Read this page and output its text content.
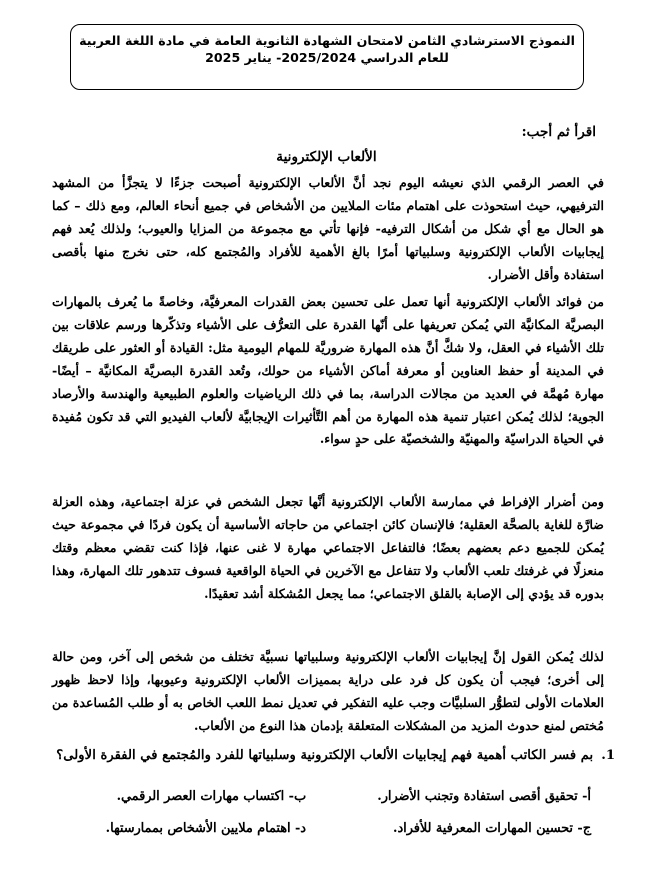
النموذج الاسترشادي الثامن لامتحان الشهادة الثانوية العامة في مادة اللغة العربية
للعام الدراسي 2025/2024- يناير 2025
اقرأ ثم أجب:
الألعاب الإلكترونية

في العصر الرقمي الذي نعيشه اليوم نجد أنَّ الألعاب الإلكترونية أصبحت جزءًا لا يتجزَّأ من المشهد الترفيهي، حيث استحوذت على اهتمام مئات الملايين من الأشخاص في جميع أنحاء العالم، ومع ذلك – كما هو الحال مع أي شكل من أشكال الترفيه- فإنها تأتي مع مجموعة من المزايا والعيوب؛ ولذلك يُعد فهم إيجابيات الألعاب الإلكترونية وسلبياتها أمرًا بالغ الأهمية للأفراد والمُجتمع كله، حتى نخرج منها بأقصى استفادة وأقل الأضرار.

من فوائد الألعاب الإلكترونية أنها تعمل على تحسين بعض القدرات المعرفيَّة، وخاصةً ما يُعرف بالمهارات البصريَّة المكانيَّة التي يُمكن تعريفها على أنّها القدرة على التعرُّف على الأشياء وتذكّرها ورسم علاقات بين تلك الأشياء في العقل، ولا شكَّ أنَّ هذه المهارة ضروريَّة للمهام اليومية مثل: القيادة أو العثور على طريقك في المدينة أو حفظ العناوين أو معرفة أماكن الأشياء من حولك، وتُعد القدرة البصريَّة المكانيَّة – أيضًا- مهارة مُهمَّة في العديد من مجالات الدراسة، بما في ذلك الرياضيات والعلوم الطبيعية والهندسة والأرصاد الجوية؛ لذلك يُمكن اعتبار تنمية هذه المهارة من أهم التَّأثيرات الإيجابيَّة لألعاب الفيديو التي قد تكون مُفيدة في الحياة الدراسيّة والمهنيّة والشخصيّة على حدٍ سواء.

ومن أضرار الإفراط في ممارسة الألعاب الإلكترونية أنَّها تجعل الشخص في عزلة اجتماعية، وهذه العزلة ضارَّة للغاية بالصحَّة العقلية؛ فالإنسان كائن اجتماعي من حاجاته الأساسية أن يكون فردًا في مجموعة حيث يُمكن للجميع دعم بعضهم بعضًا؛ فالتفاعل الاجتماعي مهارة لا غنى عنها، فإذا كنت تقضي معظم وقتك منعزلًا في غرفتك تلعب الألعاب ولا تتفاعل مع الآخرين في الحياة الواقعية فسوف تتدهور تلك المهارة، وهذا بدوره قد يؤدي إلى الإصابة بالقلق الاجتماعي؛ مما يجعل المُشكلة أشد تعقيدًا.

لذلك يُمكن القول إنَّ إيجابيات الألعاب الإلكترونية وسلبياتها نسبيَّة تختلف من شخص إلى آخر، ومن حالة إلى أخرى؛ فيجب أن يكون كل فرد على دراية بمميزات الألعاب الإلكترونية وعيوبها، وإذا لاحظ ظهور العلامات الأولى لتطوُّر السلبيَّات وجب عليه التفكير في تعديل نمط اللعب الخاص به أو طلب المُساعدة من مُختص لمنع حدوث المزيد من المشكلات المتعلقة بإدمان هذا النوع من الألعاب.

1.بم فسر الكاتب أهمية فهم إيجابيات الألعاب الإلكترونية وسلبياتها للفرد والمُجتمع في الفقرة الأولى؟
أ- تحقيق أقصى استفادة وتجنب الأضرار.
ب- اكتساب مهارات العصر الرقمي.
ج- تحسين المهارات المعرفية للأفراد.
د- اهتمام ملايين الأشخاص بممارستها.
